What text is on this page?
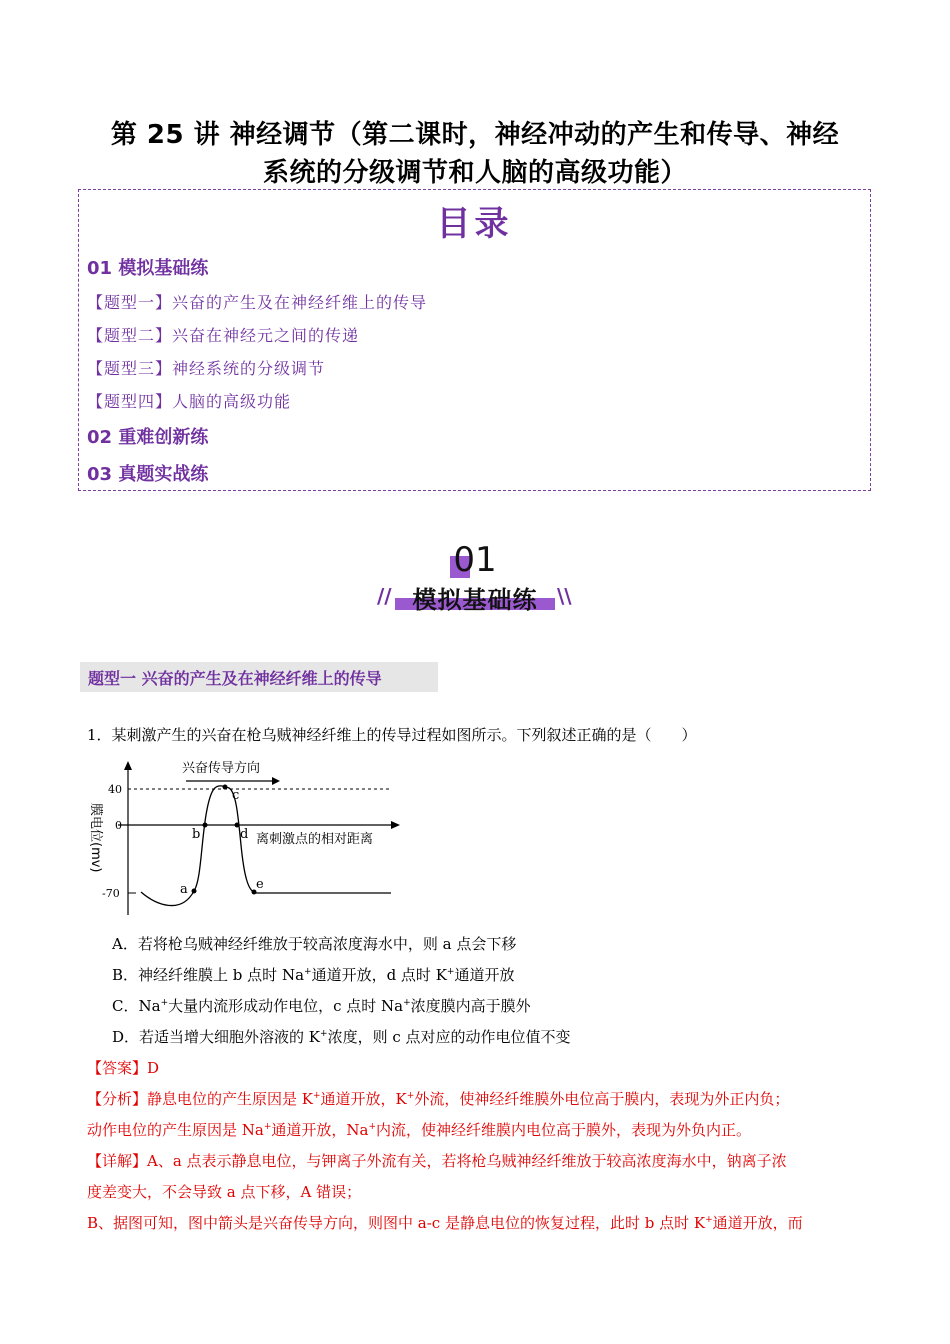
第 25 讲 神经调节（第二课时，神经冲动的产生和传导、神经
系统的分级调节和人脑的高级功能）
目录
01 模拟基础练
【题型一】兴奋的产生及在神经纤维上的传导
【题型二】兴奋在神经元之间的传递
【题型三】神经系统的分级调节
【题型四】人脑的高级功能
02 重难创新练
03 真题实战练
01
// 模拟基础练 \\
题型一 兴奋的产生及在神经纤维上的传导
1．某刺激产生的兴奋在枪乌贼神经纤维上的传导过程如图所示。下列叙述正确的是（　　）
40
0
-70
膜电位(mv)
兴奋传导方向
离刺激点的相对距离
a
b
c
d
e
A．若将枪乌贼神经纤维放于较高浓度海水中，则 a 点会下移
B．神经纤维膜上 b 点时 Na+通道开放，d 点时 K+通道开放
C．Na+大量内流形成动作电位，c 点时 Na+浓度膜内高于膜外
D．若适当增大细胞外溶液的 K+浓度，则 c 点对应的动作电位值不变
【答案】D
【分析】静息电位的产生原因是 K+通道开放，K+外流，使神经纤维膜外电位高于膜内，表现为外正内负；
动作电位的产生原因是 Na+通道开放，Na+内流，使神经纤维膜内电位高于膜外，表现为外负内正。
【详解】A、a 点表示静息电位，与钾离子外流有关，若将枪乌贼神经纤维放于较高浓度海水中，钠离子浓
度差变大，不会导致 a 点下移，A 错误；
B、据图可知，图中箭头是兴奋传导方向，则图中 a-c 是静息电位的恢复过程，此时 b 点时 K+通道开放，而
